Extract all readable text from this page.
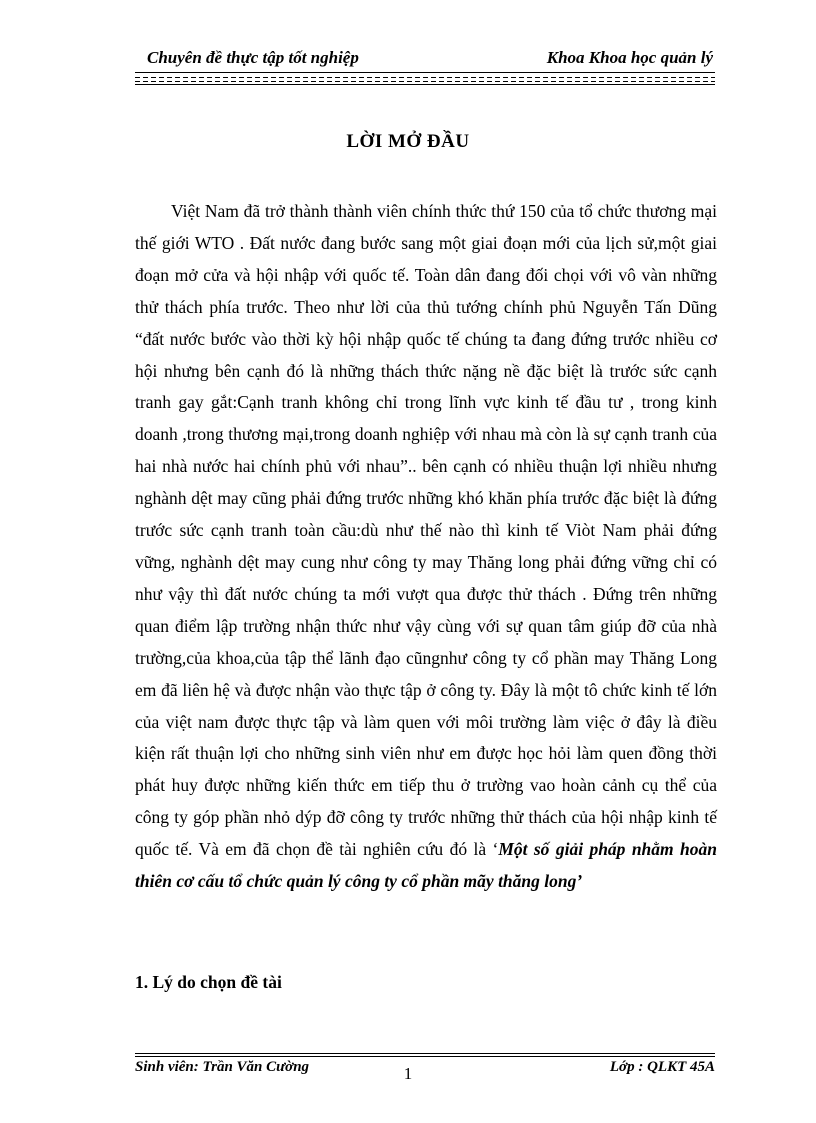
Chuyên đề thực tập tốt nghiệp	Khoa Khoa học quản lý
LỜI MỞ ĐẦU

Việt Nam đã trở thành thành viên chính thức thứ 150 của tổ chức thương mại thế giới WTO . Đất nước đang bước sang một giai đoạn mới của lịch sử,một giai đoạn mở cửa và hội nhập với quốc tế. Toàn dân đang đối chọi với vô vàn những thử thách phía trước. Theo như lời của thủ tướng chính phủ Nguyễn Tấn Dũng “đất nước bước vào thời kỳ hội nhập quốc tế chúng ta đang đứng trước nhiều cơ hội nhưng bên cạnh đó là những thách thức nặng nề đặc biệt là trước sức cạnh tranh gay gắt:Cạnh tranh không chỉ trong lĩnh vực kinh tế đầu tư , trong kinh doanh ,trong thương mại,trong doanh nghiệp với nhau mà còn là sự cạnh tranh của hai nhà nước hai chính phủ với nhau”.. bên cạnh có nhiều thuận lợi nhiều nhưng nghành dệt may cũng phải đứng trước những khó khăn phía trước đặc biệt là đứng trước sức cạnh tranh toàn cầu:dù như thế nào thì kinh tế Viòt Nam phải đứng vững, nghành dệt may cung như công ty may Thăng long phải đứng vững chỉ có như vậy thì đất nước chúng ta mới vượt qua được thử thách . Đứng trên những quan điểm lập trường nhận thức như vậy cùng với sự quan tâm giúp đỡ của nhà trường,của khoa,của tập thể lãnh đạo cũngnhư công ty cổ phần may Thăng Long em đã liên hệ và được nhận vào thực tập ở công ty. Đây là một tô chức kinh tế lớn của việt nam được thực tập và làm quen với môi trường làm việc ở đây là điều kiện rất thuận lợi cho những sinh viên như em được học hỏi làm quen đồng thời phát huy được những kiến thức em tiếp thu ở trường vao hoàn cảnh cụ thể của công ty góp phần nhỏ dýp đỡ công ty trước những thử thách của hội nhập kinh tế quốc tế. Và em đã chọn đề tài nghiên cứu đó là ‘Một số giải pháp nhằm hoàn thiên cơ cấu tổ chức quản lý công ty cổ phần mãy thăng long’

1. Lý do chọn đề tài
Sinh viên: Trần Văn Cường	1	Lớp : QLKT 45A
